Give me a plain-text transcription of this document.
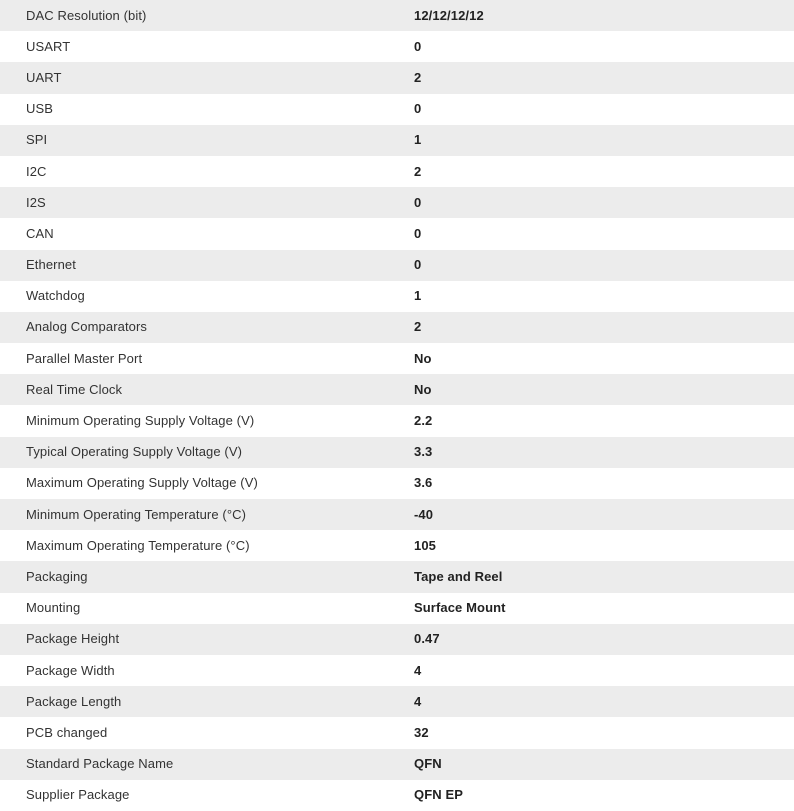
DAC Resolution (bit)	12/12/12/12
USART	0
UART	2
USB	0
SPI	1
I2C	2
I2S	0
CAN	0
Ethernet	0
Watchdog	1
Analog Comparators	2
Parallel Master Port	No
Real Time Clock	No
Minimum Operating Supply Voltage (V)	2.2
Typical Operating Supply Voltage (V)	3.3
Maximum Operating Supply Voltage (V)	3.6
Minimum Operating Temperature (°C)	-40
Maximum Operating Temperature (°C)	105
Packaging	Tape and Reel
Mounting	Surface Mount
Package Height	0.47
Package Width	4
Package Length	4
PCB changed	32
Standard Package Name	QFN
Supplier Package	QFN EP
